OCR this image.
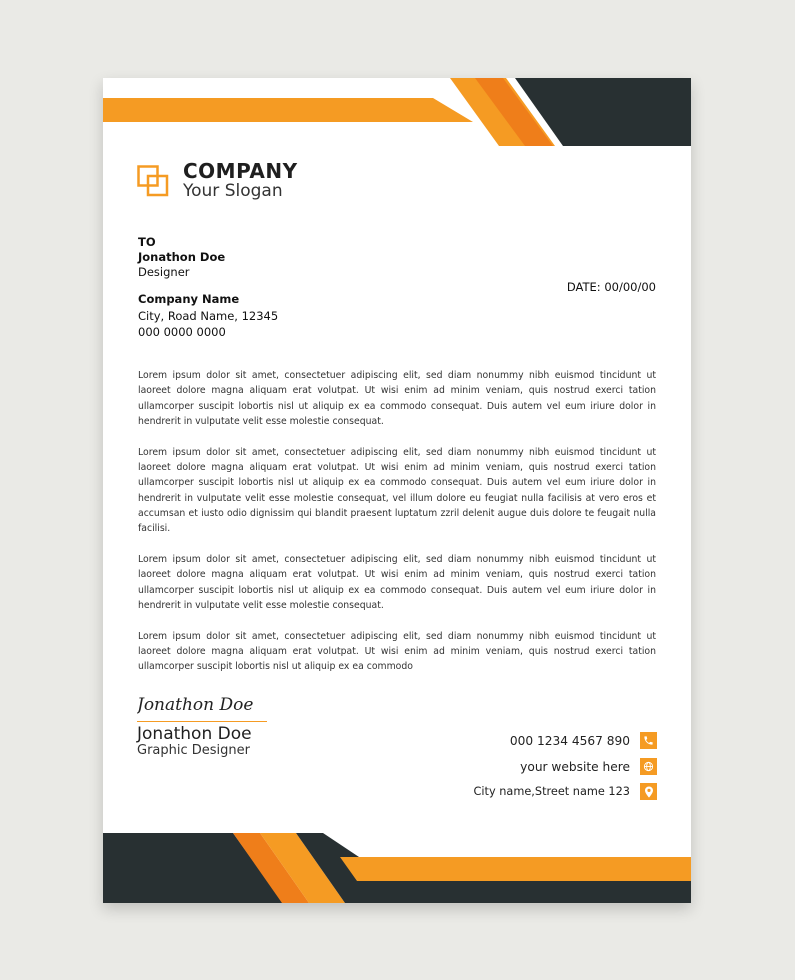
COMPANY
Your Slogan
TO
Jonathon Doe
Designer
Company Name
City, Road Name, 12345
000 0000 0000
DATE: 00/00/00

Lorem ipsum dolor sit amet, consectetuer adipiscing elit, sed diam nonummy nibh euismod tincidunt ut laoreet dolore magna aliquam erat volutpat. Ut wisi enim ad minim veniam, quis nostrud exerci tation ullamcorper suscipit lobortis nisl ut aliquip ex ea commodo consequat. Duis autem vel eum iriure dolor in hendrerit in vulputate velit esse molestie consequat.

Lorem ipsum dolor sit amet, consectetuer adipiscing elit, sed diam nonummy nibh euismod tincidunt ut laoreet dolore magna aliquam erat volutpat. Ut wisi enim ad minim veniam, quis nostrud exerci tation ullamcorper suscipit lobortis nisl ut aliquip ex ea commodo consequat. Duis autem vel eum iriure dolor in hendrerit in vulputate velit esse molestie consequat, vel illum dolore eu feugiat nulla facilisis at vero eros et accumsan et iusto odio dignissim qui blandit praesent luptatum zzril delenit augue duis dolore te feugait nulla facilisi.

Lorem ipsum dolor sit amet, consectetuer adipiscing elit, sed diam nonummy nibh euismod tincidunt ut laoreet dolore magna aliquam erat volutpat. Ut wisi enim ad minim veniam, quis nostrud exerci tation ullamcorper suscipit lobortis nisl ut aliquip ex ea commodo consequat. Duis autem vel eum iriure dolor in hendrerit in vulputate velit esse molestie consequat.

Lorem ipsum dolor sit amet, consectetuer adipiscing elit, sed diam nonummy nibh euismod tincidunt ut laoreet dolore magna aliquam erat volutpat. Ut wisi enim ad minim veniam, quis nostrud exerci tation ullamcorper suscipit lobortis nisl ut aliquip ex ea commodo

Jonathon Doe
Jonathon Doe
Graphic Designer
000 1234 4567 890
your website here
City name,Street name 123
